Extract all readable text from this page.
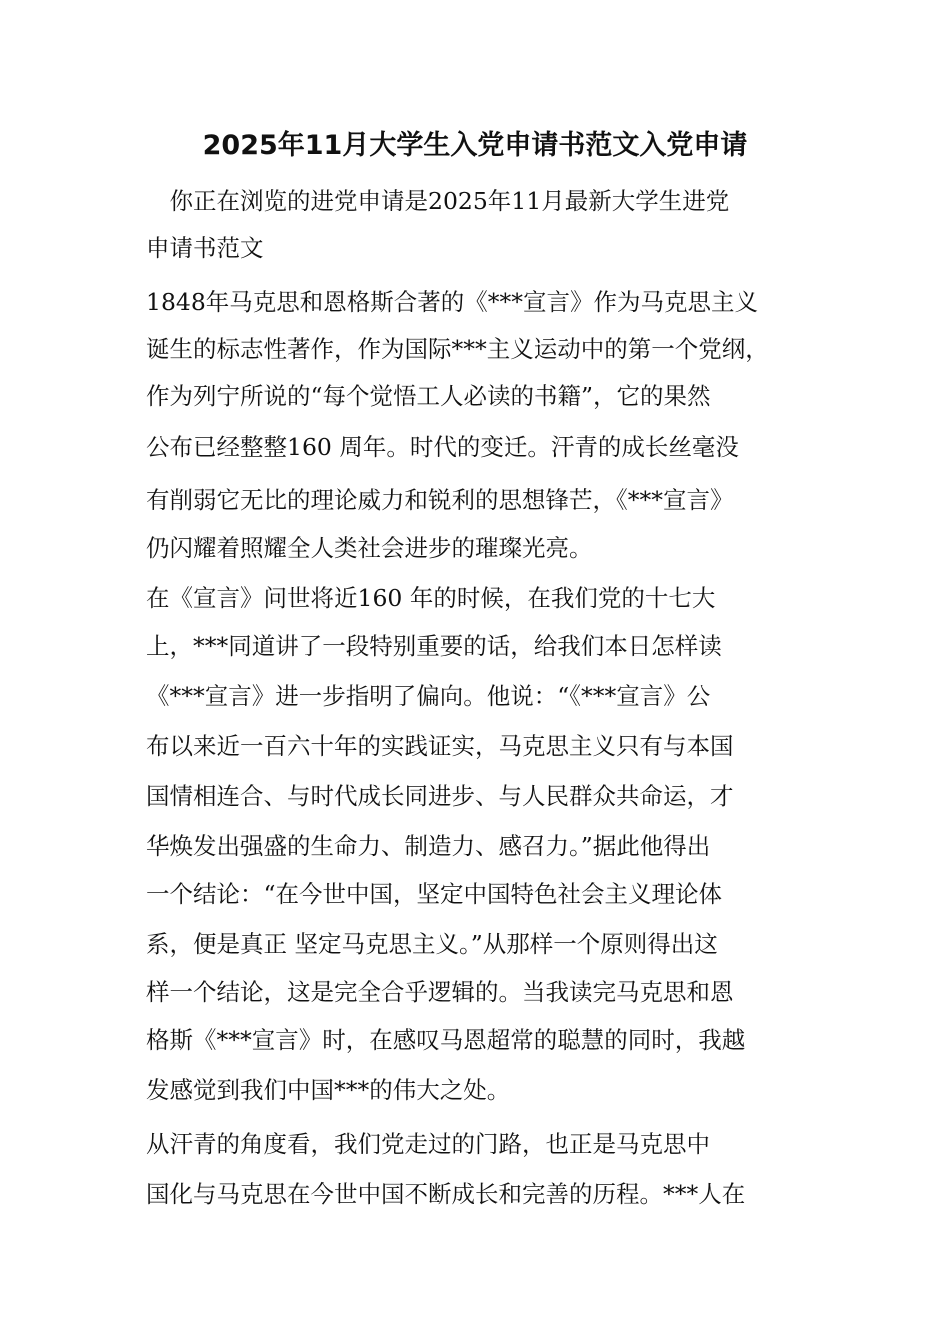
2025年11月大学生入党申请书范文入党申请

　你正在浏览的进党申请是2025年11月最新大学生进党

申请书范文

1848年马克思和恩格斯合著的《***宣言》作为马克思主义

诞生的标志性著作，作为国际***主义运动中的第一个党纲，

作为列宁所说的“每个觉悟工人必读的书籍”，它的果然

公布已经整整160 周年。时代的变迁。汗青的成长丝毫没

有削弱它无比的理论威力和锐利的思想锋芒，《***宣言》

仍闪耀着照耀全人类社会进步的璀璨光亮。

在《宣言》问世将近160 年的时候，在我们党的十七大

上，***同道讲了一段特别重要的话，给我们本日怎样读

《***宣言》进一步指明了偏向。他说：“《***宣言》公

布以来近一百六十年的实践证实，马克思主义只有与本国

国情相连合、与时代成长同进步、与人民群众共命运，才

华焕发出强盛的生命力、制造力、感召力。”据此他得出

一个结论：“在今世中国，坚定中国特色社会主义理论体

系，便是真正 坚定马克思主义。”从那样一个原则得出这

样一个结论，这是完全合乎逻辑的。当我读完马克思和恩

格斯《***宣言》时，在感叹马恩超常的聪慧的同时，我越

发感觉到我们中国***的伟大之处。

从汗青的角度看，我们党走过的门路，也正是马克思中

国化与马克思在今世中国不断成长和完善的历程。***人在
